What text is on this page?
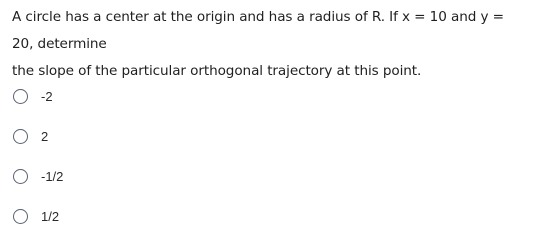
A circle has a center at the origin and has a radius of R. If x = 10 and y = 20, determine
the slope of the particular orthogonal trajectory at this point.
-2
2
-1/2
1/2
